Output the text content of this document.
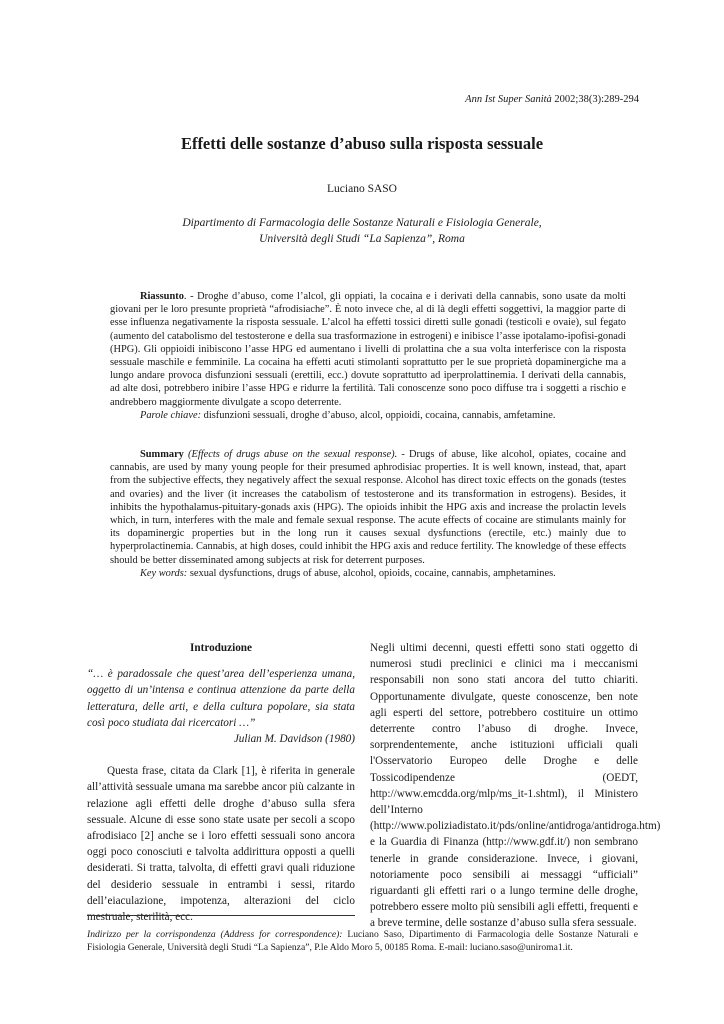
Ann Ist Super Sanità 2002;38(3):289-294
Effetti delle sostanze d’abuso sulla risposta sessuale
Luciano SASO
Dipartimento di Farmacologia delle Sostanze Naturali e Fisiologia Generale,
Università degli Studi “La Sapienza”, Roma

Riassunto. - Droghe d’abuso, come l’alcol, gli oppiati, la cocaina e i derivati della cannabis, sono usate da molti giovani per le loro presunte proprietà “afrodisiache”. È noto invece che, al di là degli effetti soggettivi, la maggior parte di esse influenza negativamente la risposta sessuale. L’alcol ha effetti tossici diretti sulle gonadi (testicoli e ovaie), sul fegato (aumento del catabolismo del testosterone e della sua trasformazione in estrogeni) e inibisce l’asse ipotalamo-ipofisi-gonadi (HPG). Gli oppioidi inibiscono l’asse HPG ed aumentano i livelli di prolattina che a sua volta interferisce con la risposta sessuale maschile e femminile. La cocaina ha effetti acuti stimolanti soprattutto per le sue proprietà dopaminergiche ma a lungo andare provoca disfunzioni sessuali (erettili, ecc.) dovute soprattutto ad iperprolattinemia. I derivati della cannabis, ad alte dosi, potrebbero inibire l’asse HPG e ridurre la fertilità. Tali conoscenze sono poco diffuse tra i soggetti a rischio e andrebbero maggiormente divulgate a scopo deterrente.

Parole chiave: disfunzioni sessuali, droghe d’abuso, alcol, oppioidi, cocaina, cannabis, amfetamine.

Summary (Effects of drugs abuse on the sexual response). - Drugs of abuse, like alcohol, opiates, cocaine and cannabis, are used by many young people for their presumed aphrodisiac properties. It is well known, instead, that, apart from the subjective effects, they negatively affect the sexual response. Alcohol has direct toxic effects on the gonads (testes and ovaries) and the liver (it increases the catabolism of testosterone and its transformation in estrogens). Besides, it inhibits the hypothalamus-pituitary-gonads axis (HPG). The opioids inhibit the HPG axis and increase the prolactin levels which, in turn, interferes with the male and female sexual response. The acute effects of cocaine are stimulants mainly for its dopaminergic properties but in the long run it causes sexual dysfunctions (erectile, etc.) mainly due to hyperprolactinemia. Cannabis, at high doses, could inhibit the HPG axis and reduce fertility. The knowledge of these effects should be better disseminated among subjects at risk for deterrent purposes.

Key words: sexual dysfunctions, drugs of abuse, alcohol, opioids, cocaine, cannabis, amphetamines.

Introduzione

“… è paradossale che quest’area dell’esperienza umana, oggetto di un’intensa e continua attenzione da parte della letteratura, delle arti, e della cultura popolare, sia stata così poco studiata dai ricercatori …”

Julian M. Davidson (1980)

Questa frase, citata da Clark [1], è riferita in generale all’attività sessuale umana ma sarebbe ancor più calzante in relazione agli effetti delle droghe d’abuso sulla sfera sessuale. Alcune di esse sono state usate per secoli a scopo afrodisiaco [2] anche se i loro effetti sessuali sono ancora oggi poco conosciuti e talvolta addirittura opposti a quelli desiderati. Si tratta, talvolta, di effetti gravi quali riduzione del desiderio sessuale in entrambi i sessi, ritardo dell’eiaculazione, impotenza, alterazioni del ciclo mestruale, sterilità, ecc.

Negli ultimi decenni, questi effetti sono stati oggetto di numerosi studi preclinici e clinici ma i meccanismi responsabili non sono stati ancora del tutto chiariti. Opportunamente divulgate, queste conoscenze, ben note agli esperti del settore, potrebbero costituire un ottimo deterrente contro l’abuso di droghe. Invece, sorprendentemente, anche istituzioni ufficiali quali l'Osservatorio Europeo delle Droghe e delle Tossicodipendenze (OEDT, http://www.emcdda.org/mlp/ms_it-1.shtml), il Ministero dell’Interno (http://www.poliziadistato.it/pds/online/antidroga/antidroga.htm) e la Guardia di Finanza (http://www.gdf.it/) non sembrano tenerle in grande considerazione. Invece, i giovani, notoriamente poco sensibili ai messaggi “ufficiali” riguardanti gli effetti rari o a lungo termine delle droghe, potrebbero essere molto più sensibili agli effetti, frequenti e a breve termine, delle sostanze d’abuso sulla sfera sessuale.

Indirizzo per la corrispondenza (Address for correspondence): Luciano Saso, Dipartimento di Farmacologia delle Sostanze Naturali e Fisiologia Generale, Università degli Studi “La Sapienza”, P.le Aldo Moro 5, 00185 Roma. E-mail: luciano.saso@uniroma1.it.
